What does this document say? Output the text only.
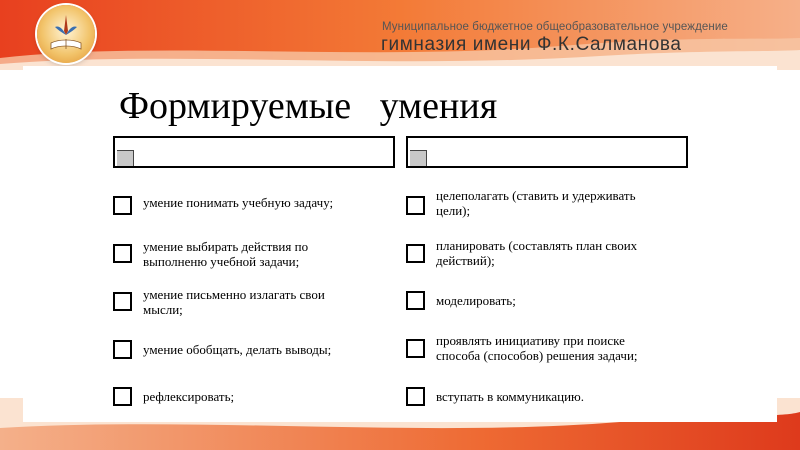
Муниципальное бюджетное общеобразовательное учреждение
гимназия имени Ф.К.Салманова
Формируемые   умения
умение понимать учебную задачу;
умение выбирать действия по
выполненю учебной задачи;
умение письменно излагать свои
мысли;
умение обобщать, делать выводы;
рефлексировать;
целеполагать (ставить и удерживать
цели);
планировать (составлять план своих
действий);
моделировать;
проявлять инициативу при поиске
способа (способов) решения задачи;
вступать в коммуникацию.
